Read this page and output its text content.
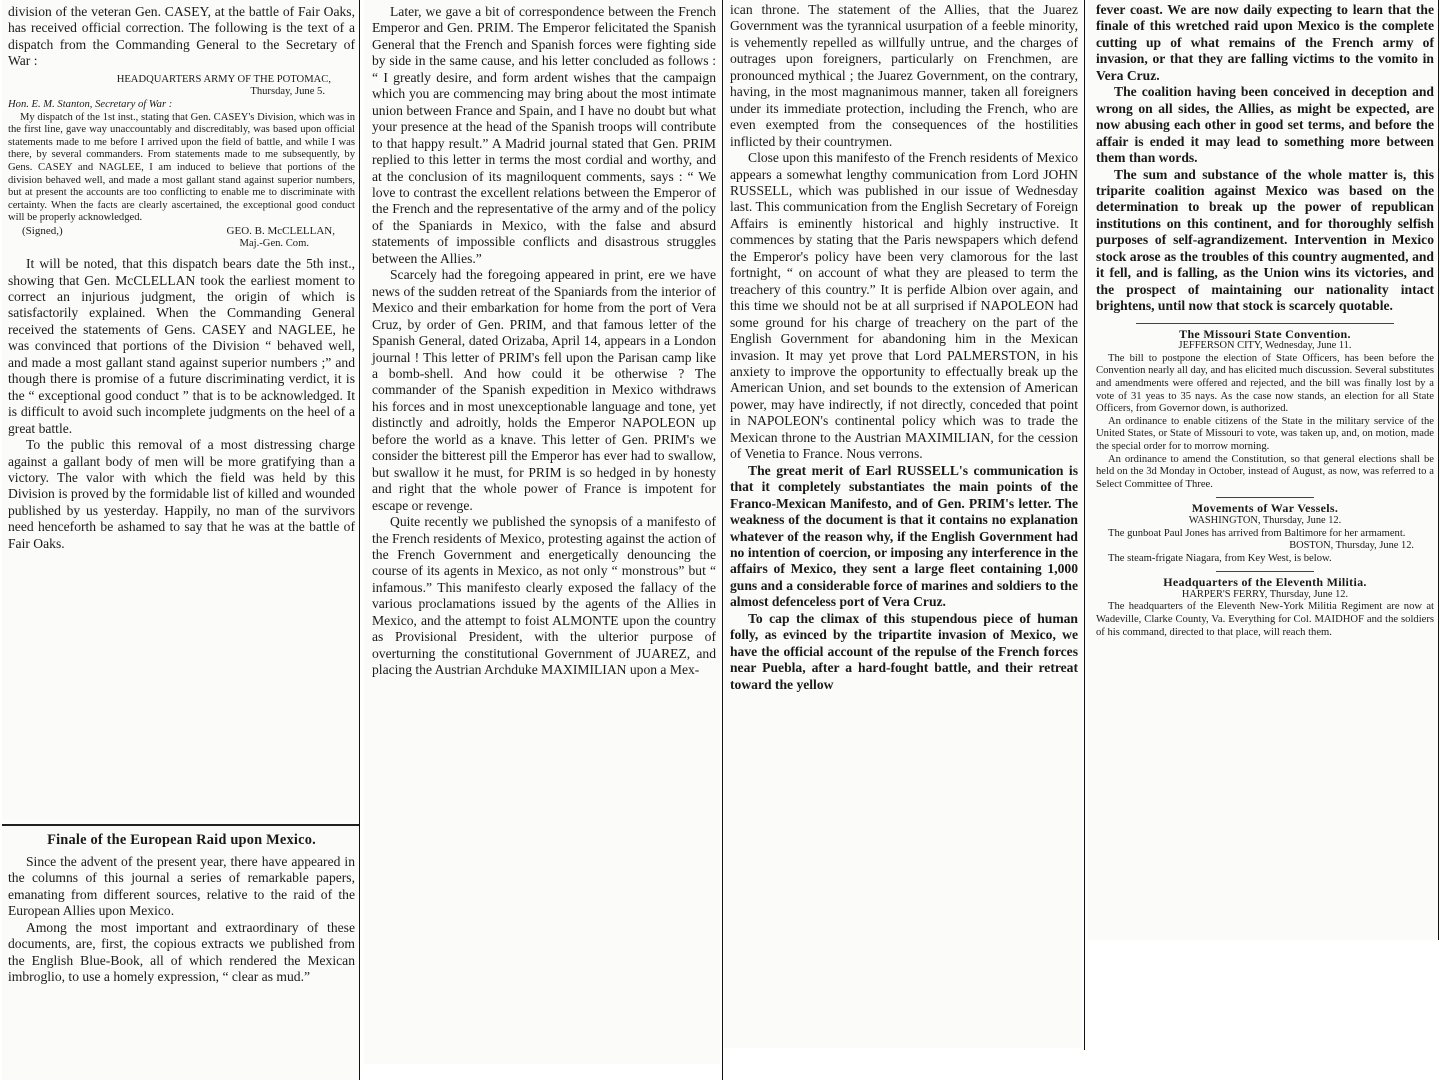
division of the veteran Gen. CASEY, at the battle of Fair Oaks, has received official correction. The following is the text of a dispatch from the Commanding General to the Secretary of War :

HEADQUARTERS ARMY OF THE POTOMAC,
Thursday, June 5.
Hon. E. M. Stanton, Secretary of War :

My dispatch of the 1st inst., stating that Gen. CASEY's Division, which was in the first line, gave way unaccountably and discreditably, was based upon official statements made to me before I arrived upon the field of battle, and while I was there, by several commanders. From statements made to me subsequently, by Gens. CASEY and NAGLEE, I am induced to believe that portions of the division behaved well, and made a most gallant stand against superior numbers, but at present the accounts are too conflicting to enable me to discriminate with certainty. When the facts are clearly ascertained, the exceptional good conduct will be properly acknowledged.

(Signed,)	GEO. B. McCLELLAN,
Maj.-Gen. Com.

It will be noted, that this dispatch bears date the 5th inst., showing that Gen. McCLELLAN took the earliest moment to correct an injurious judgment, the origin of which is satisfactorily explained. When the Commanding General received the statements of Gens. CASEY and NAGLEE, he was convinced that portions of the Division “ behaved well, and made a most gallant stand against superior numbers ;” and though there is promise of a future discriminating verdict, it is the “ exceptional good conduct ” that is to be acknowledged. It is difficult to avoid such incomplete judgments on the heel of a great battle.

To the public this removal of a most distressing charge against a gallant body of men will be more gratifying than a victory. The valor with which the field was held by this Division is proved by the formidable list of killed and wounded published by us yesterday. Happily, no man of the survivors need henceforth be ashamed to say that he was at the battle of Fair Oaks.

Finale of the European Raid upon Mexico.

Since the advent of the present year, there have appeared in the columns of this journal a series of remarkable papers, emanating from different sources, relative to the raid of the European Allies upon Mexico.

Among the most important and extraordinary of these documents, are, first, the copious extracts we published from the English Blue-Book, all of which rendered the Mexican imbroglio, to use a homely expression, “ clear as mud.”

Later, we gave a bit of correspondence between the French Emperor and Gen. PRIM. The Emperor felicitated the Spanish General that the French and Spanish forces were fighting side by side in the same cause, and his letter concluded as follows : “ I greatly desire, and form ardent wishes that the campaign which you are commencing may bring about the most intimate union between France and Spain, and I have no doubt but what your presence at the head of the Spanish troops will contribute to that happy result.” A Madrid journal stated that Gen. PRIM replied to this letter in terms the most cordial and worthy, and at the conclusion of its magniloquent comments, says : “ We love to contrast the excellent relations between the Emperor of the French and the representative of the army and of the policy of the Spaniards in Mexico, with the false and absurd statements of impossible conflicts and disastrous struggles between the Allies.”

Scarcely had the foregoing appeared in print, ere we have news of the sudden retreat of the Spaniards from the interior of Mexico and their embarkation for home from the port of Vera Cruz, by order of Gen. PRIM, and that famous letter of the Spanish General, dated Orizaba, April 14, appears in a London journal ! This letter of PRIM's fell upon the Parisan camp like a bomb-shell. And how could it be otherwise ? The commander of the Spanish expedition in Mexico withdraws his forces and in most unexceptionable language and tone, yet distinctly and adroitly, holds the Emperor NAPOLEON up before the world as a knave. This letter of Gen. PRIM's we consider the bitterest pill the Emperor has ever had to swallow, but swallow it he must, for PRIM is so hedged in by honesty and right that the whole power of France is impotent for escape or revenge.

Quite recently we published the synopsis of a manifesto of the French residents of Mexico, protesting against the action of the French Government and energetically denouncing the course of its agents in Mexico, as not only “ monstrous” but “ infamous.” This manifesto clearly exposed the fallacy of the various proclamations issued by the agents of the Allies in Mexico, and the attempt to foist ALMONTE upon the country as Provisional President, with the ulterior purpose of overturning the constitutional Government of JUAREZ, and placing the Austrian Archduke MAXIMILIAN upon a Mex-

ican throne. The statement of the Allies, that the Juarez Government was the tyrannical usurpation of a feeble minority, is vehemently repelled as willfully untrue, and the charges of outrages upon foreigners, particularly on Frenchmen, are pronounced mythical ; the Juarez Government, on the contrary, having, in the most magnanimous manner, taken all foreigners under its immediate protection, including the French, who are even exempted from the consequences of the hostilities inflicted by their countrymen.

Close upon this manifesto of the French residents of Mexico appears a somewhat lengthy communication from Lord JOHN RUSSELL, which was published in our issue of Wednesday last. This communication from the English Secretary of Foreign Affairs is eminently historical and highly instructive. It commences by stating that the Paris newspapers which defend the Emperor's policy have been very clamorous for the last fortnight, “ on account of what they are pleased to term the treachery of this country.” It is perfide Albion over again, and this time we should not be at all surprised if NAPOLEON had some ground for his charge of treachery on the part of the English Government for abandoning him in the Mexican invasion. It may yet prove that Lord PALMERSTON, in his anxiety to improve the opportunity to effectually break up the American Union, and set bounds to the extension of American power, may have indirectly, if not directly, conceded that point in NAPOLEON's continental policy which was to trade the Mexican throne to the Austrian MAXIMILIAN, for the cession of Venetia to France. Nous verrons.

The great merit of Earl RUSSELL's communication is that it completely substantiates the main points of the Franco-Mexican Manifesto, and of Gen. PRIM's letter. The weakness of the document is that it contains no explanation whatever of the reason why, if the English Government had no intention of coercion, or imposing any interference in the affairs of Mexico, they sent a large fleet containing 1,000 guns and a considerable force of marines and soldiers to the almost defenceless port of Vera Cruz.

To cap the climax of this stupendous piece of human folly, as evinced by the tripartite invasion of Mexico, we have the official account of the repulse of the French forces near Puebla, after a hard-fought battle, and their retreat toward the yellow

fever coast. We are now daily expecting to learn that the finale of this wretched raid upon Mexico is the complete cutting up of what remains of the French army of invasion, or that they are falling victims to the vomito in Vera Cruz.

The coalition having been conceived in deception and wrong on all sides, the Allies, as might be expected, are now abusing each other in good set terms, and before the affair is ended it may lead to something more between them than words.

The sum and substance of the whole matter is, this triparite coalition against Mexico was based on the determination to break up the power of republican institutions on this continent, and for thoroughly selfish purposes of self-agrandizement. Intervention in Mexico stock arose as the troubles of this country augmented, and it fell, and is falling, as the Union wins its victories, and the prospect of maintaining our nationality intact brightens, until now that stock is scarcely quotable.

The Missouri State Convention.
JEFFERSON CITY, Wednesday, June 11.

The bill to postpone the election of State Officers, has been before the Convention nearly all day, and has elicited much discussion. Several substitutes and amendments were offered and rejected, and the bill was finally lost by a vote of 31 yeas to 35 nays. As the case now stands, an election for all State Officers, from Governor down, is authorized.

An ordinance to enable citizens of the State in the military service of the United States, or State of Missouri to vote, was taken up, and, on motion, made the special order for to morrow morning.

An ordinance to amend the Constitution, so that general elections shall be held on the 3d Monday in October, instead of August, as now, was referred to a Select Committee of Three.

Movements of War Vessels.
WASHINGTON, Thursday, June 12.

The gunboat Paul Jones has arrived from Baltimore for her armament.

BOSTON, Thursday, June 12.

The steam-frigate Niagara, from Key West, is below.

Headquarters of the Eleventh Militia.
HARPER'S FERRY, Thursday, June 12.

The headquarters of the Eleventh New-York Militia Regiment are now at Wadeville, Clarke County, Va. Everything for Col. MAIDHOF and the soldiers of his command, directed to that place, will reach them.
